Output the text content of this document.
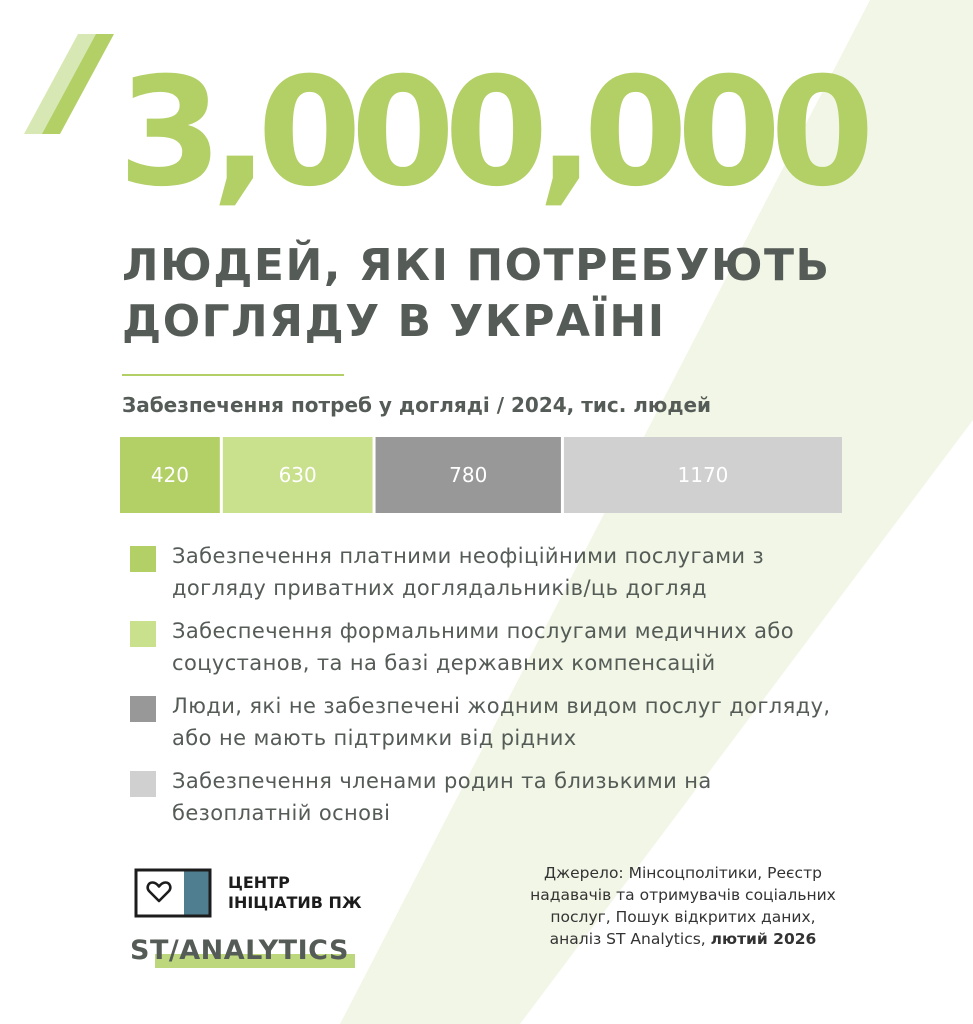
3,000,000

ЛЮДЕЙ, ЯКІ ПОТРЕБУЮТЬ ДОГЛЯДУ В УКРАЇНІ

Забезпечення потреб у догляді / 2024, тис. людей

420	630	780	1170
Забезпечення платними неофіційними послугами з догляду приватних доглядальників/ць догляд
Забеспечення формальними послугами медичних або соцустанов, та на базі державних компенсацій
Люди, які не забезпечені жодним видом послуг догляду, або не мають підтримки від рідних
Забезпечення членами родин та близькими на безоплатній основі

ЦЕНТР ІНІЦІАТИВ ПЖ

ST/ANALYTICS

Джерело: Мінсоцполітики, Реєстр надавачів та отримувачів соціальних послуг, Пошук відкритих даних, аналіз ST Analytics, лютий 2026
